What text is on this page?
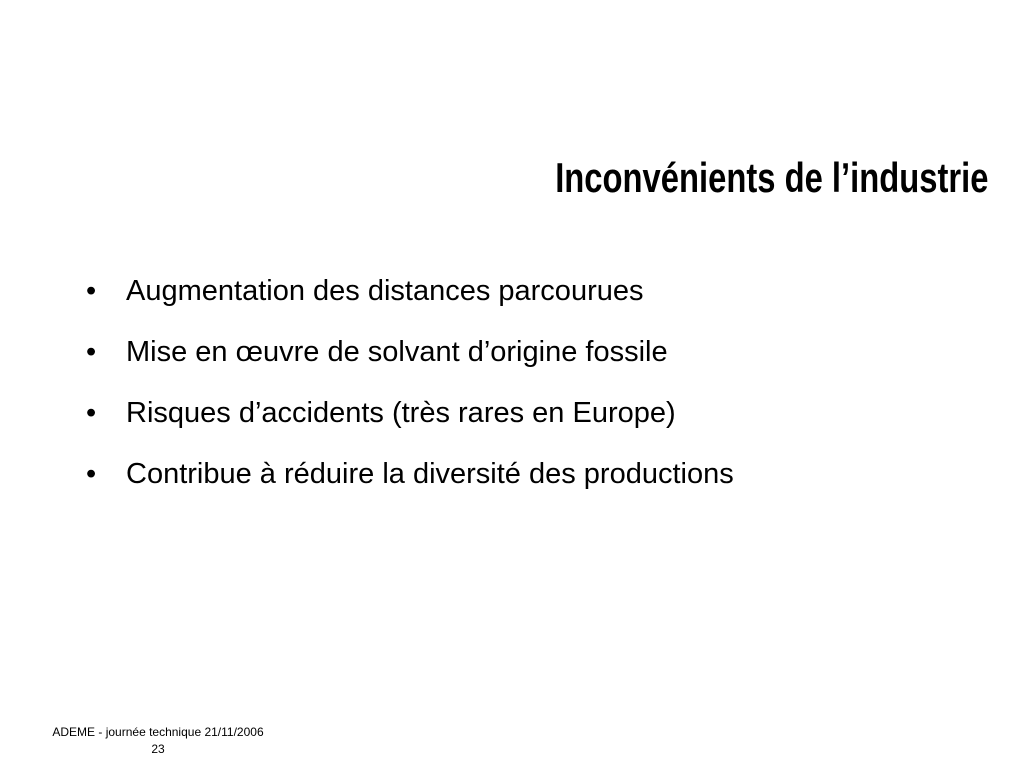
Inconvénients de l’industrie
• Augmentation des distances parcourues
• Mise en œuvre de solvant d’origine fossile
• Risques d’accidents (très rares en Europe)
• Contribue à réduire la diversité des productions
ADEME - journée technique 21/11/2006
23
